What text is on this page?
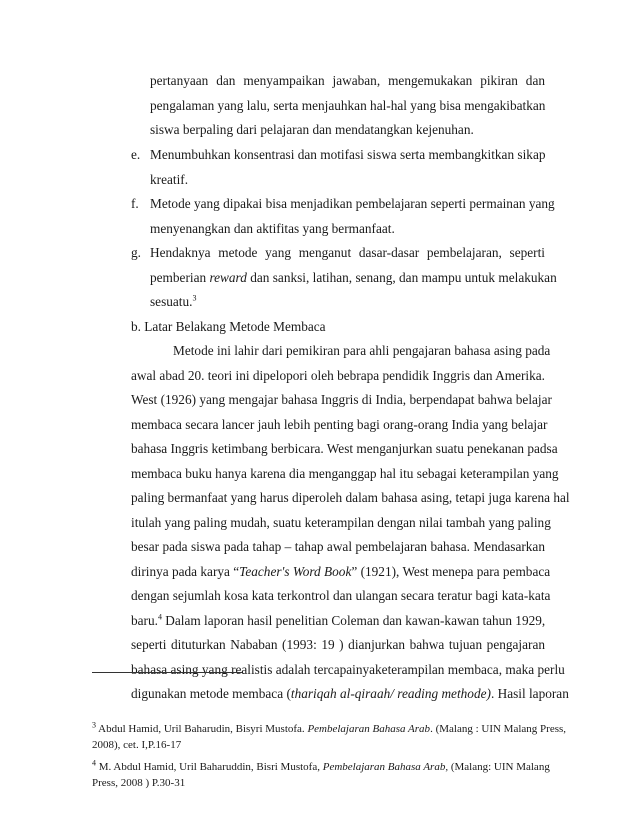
pertanyaan dan menyampaikan jawaban, mengemukakan pikiran dan

pengalaman yang lalu, serta menjauhkan hal-hal yang bisa mengakibatkan

siswa berpaling dari pelajaran dan mendatangkan kejenuhan.

e. Menumbuhkan konsentrasi dan motifasi siswa serta membangkitkan sikap

kreatif.

f. Metode yang dipakai bisa menjadikan pembelajaran seperti permainan yang

menyenangkan dan aktifitas yang bermanfaat.

g. Hendaknya metode yang menganut dasar-dasar pembelajaran, seperti

pemberian reward dan sanksi, latihan, senang, dan mampu untuk melakukan

sesuatu.$^3$

b. Latar Belakang Metode Membaca

Metode ini lahir dari pemikiran para ahli pengajaran bahasa asing pada

awal abad 20. teori ini dipelopori oleh bebrapa pendidik Inggris dan Amerika.

West (1926) yang mengajar bahasa Inggris di India, berpendapat bahwa belajar

membaca secara lancer jauh lebih penting bagi orang-orang India yang belajar

bahasa Inggris ketimbang berbicara. West menganjurkan suatu penekanan padsa

membaca buku hanya karena dia menganggap hal itu sebagai keterampilan yang

paling bermanfaat yang harus diperoleh dalam bahasa asing, tetapi juga karena hal

itulah yang paling mudah, suatu keterampilan dengan nilai tambah yang paling

besar pada siswa pada tahap – tahap awal pembelajaran bahasa. Mendasarkan

dirinya pada karya “Teacher's Word Book” (1921), West menepa para pembaca

dengan sejumlah kosa kata terkontrol dan ulangan secara teratur bagi kata-kata

baru.$^4$ Dalam laporan hasil penelitian Coleman dan kawan-kawan tahun 1929,

seperti dituturkan Nababan (1993: 19 ) dianjurkan bahwa tujuan pengajaran

bahasa asing yang realistis adalah tercapainyaketerampilan membaca, maka perlu

digunakan metode membaca (thariqah al-qiraah/ reading methode). Hasil laporan

$^3$ Abdul Hamid, Uril Baharudin, Bisyri Mustofa. Pembelajaran Bahasa Arab. (Malang : UIN Malang Press,

2008), cet. I,P.16-17

$^4$ M. Abdul Hamid, Uril Baharuddin, Bisri Mustofa, Pembelajaran Bahasa Arab, (Malang: UIN Malang

Press, 2008 ) P.30-31
